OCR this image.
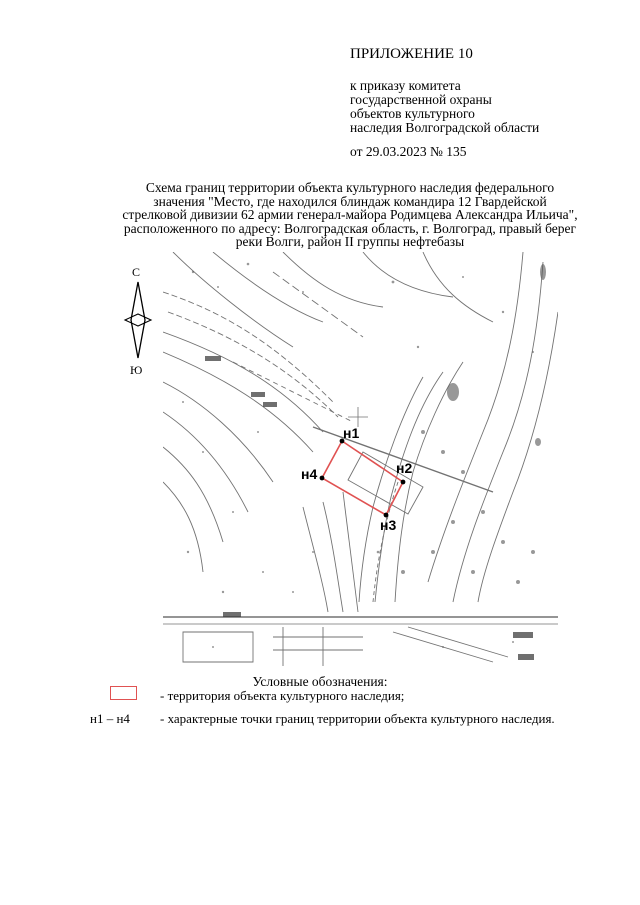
ПРИЛОЖЕНИЕ 10
к приказу комитета
государственной охраны
объектов культурного
наследия Волгоградской области
от 29.03.2023 № 135
Схема границ территории объекта культурного наследия федерального
значения "Место, где находился блиндаж командира 12 Гвардейской
стрелковой дивизии 62 армии генерал-майора Родимцева Александра Ильича",
расположенного по адресу: Волгоградская область, г. Волгоград, правый берег
реки Волги, район II группы нефтебазы
С
Ю
н1
н2
н3
н4
Условные обозначения:
- территория объекта культурного наследия;
н1 – н4 - характерные точки границ территории объекта культурного наследия.
